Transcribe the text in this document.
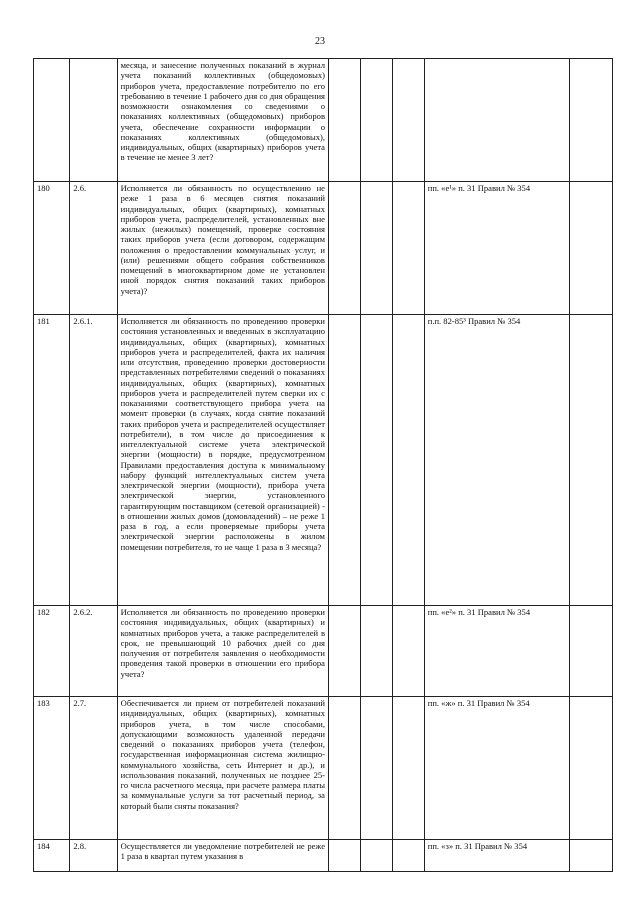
23
		месяца, и занесение полученных показаний в журнал учета показаний коллективных (общедомовых) приборов учета, предоставление потребителю по его требованию в течение 1 рабочего дня со дня обращения возможности ознакомления со сведениями о показаниях коллективных (общедомовых) приборов учета, обеспечение сохранности информации о показаниях коллективных (общедомовых), индивидуальных, общих (квартирных) приборов учета в течение не менее 3 лет?					
180	2.6.	Исполняется ли обязанность по осуществлению не реже 1 раза в 6 месяцев снятия показаний индивидуальных, общих (квартирных), комнатных приборов учета, распределителей, установленных вне жилых (нежилых) помещений, проверке состояния таких приборов учета (если договором, содержащим положения о предоставлении коммунальных услуг, и (или) решениями общего собрания собственников помещений в многоквартирном доме не установлен иной порядок снятия показаний таких приборов учета)?				пп. «е¹» п. 31 Правил № 354	
181	2.6.1.	Исполняется ли обязанность по проведению проверки состояния установленных и введенных в эксплуатацию индивидуальных, общих (квартирных), комнатных приборов учета и распределителей, факта их наличия или отсутствия, проведению проверки достоверности представленных потребителями сведений о показаниях индивидуальных, общих (квартирных), комнатных приборов учета и распределителей путем сверки их с показаниями соответствующего прибора учета на момент проверки (в случаях, когда снятие показаний таких приборов учета и распределителей осуществляет потребители), в том числе до присоединения к интеллектуальной системе учета электрической энергии (мощности) в порядке, предусмотренном Правилами предоставления доступа к минимальному набору функций интеллектуальных систем учета электрической энергии (мощности), прибора учета электрической энергии, установленного гарантирующим поставщиком (сетевой организацией) - в отношении жилых домов (домовладений) – не реже 1 раза в год, а если проверяемые приборы учета электрической энергии расположены в жилом помещении потребителя, то не чаще 1 раза в 3 месяца?				п.п. 82-85³ Правил № 354	
182	2.6.2.	Исполняется ли обязанность по проведению проверки состояния индивидуальных, общих (квартирных) и комнатных приборов учета, а также распределителей в срок, не превышающий 10 рабочих дней со дня получения от потребителя заявления о необходимости проведения такой проверки в отношении его прибора учета?				пп. «е²» п. 31 Правил № 354	
183	2.7.	Обеспечивается ли прием от потребителей показаний индивидуальных, общих (квартирных), комнатных приборов учета, в том числе способами, допускающими возможность удаленной передачи сведений о показаниях приборов учета (телефон, государственная информационная система жилищно-коммунального хозяйства, сеть Интернет и др.), и использования показаний, полученных не позднее 25-го числа расчетного месяца, при расчете размера платы за коммунальные услуги за тот расчетный период, за который были сняты показания?				пп. «ж» п. 31 Правил № 354	
184	2.8.	Осуществляется ли уведомление потребителей не реже 1 раза в квартал путем указания в				пп. «з» п. 31 Правил № 354	
